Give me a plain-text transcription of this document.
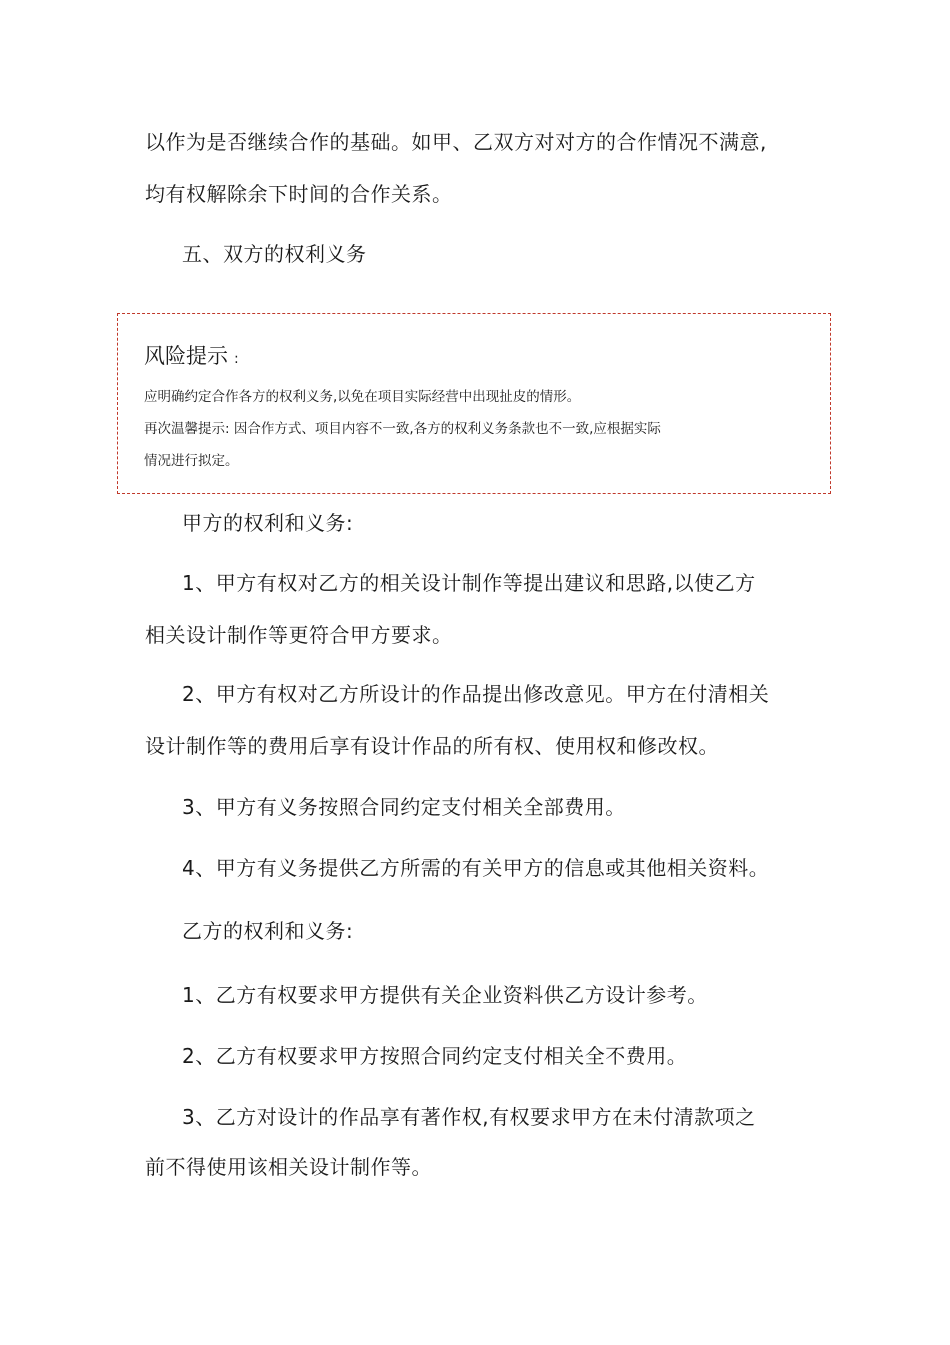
以作为是否继续合作的基础。如甲、乙双方对对方的合作情况不满意,
均有权解除余下时间的合作关系。
五、双方的权利义务
风险提示 :
应明确约定合作各方的权利义务,以免在项目实际经营中出现扯皮的情形。
再次温馨提示: 因合作方式、项目内容不一致,各方的权利义务条款也不一致,应根据实际
情况进行拟定。
甲方的权利和义务:
1、甲方有权对乙方的相关设计制作等提出建议和思路,以使乙方
相关设计制作等更符合甲方要求。
2、甲方有权对乙方所设计的作品提出修改意见。甲方在付清相关
设计制作等的费用后享有设计作品的所有权、使用权和修改权。
3、甲方有义务按照合同约定支付相关全部费用。
4、甲方有义务提供乙方所需的有关甲方的信息或其他相关资料。
乙方的权利和义务:
1、乙方有权要求甲方提供有关企业资料供乙方设计参考。
2、乙方有权要求甲方按照合同约定支付相关全不费用。
3、乙方对设计的作品享有著作权,有权要求甲方在未付清款项之
前不得使用该相关设计制作等。
